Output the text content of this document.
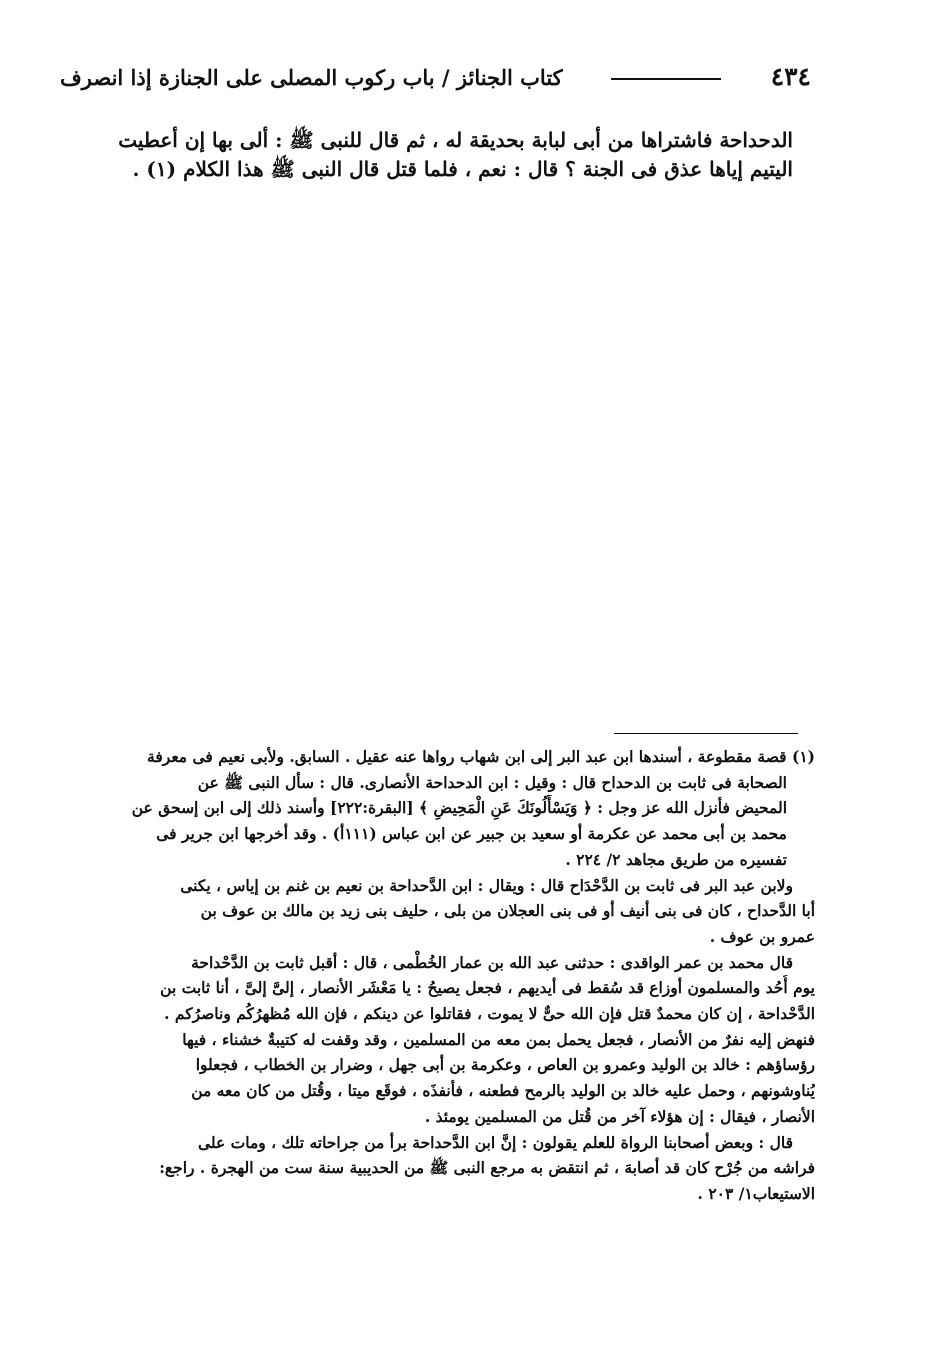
٤٣٤
كتاب الجنائز / باب ركوب المصلى على الجنازة إذا انصرف

الدحداحة فاشتراها من أبى لبابة بحديقة له ، ثم قال للنبى ﷺ : ألى بها إن أعطيت
اليتيم إياها عذق فى الجنة ؟ قال : نعم ، فلما قتل قال النبى ﷺ هذا الكلام (١) .

(١) قصة مقطوعة ، أسندها ابن عبد البر إلى ابن شهاب رواها عنه عقيل . السابق. ولأبى نعيم فى معرفة
الصحابة فى ثابت بن الدحداح قال : وقيل : ابن الدحداحة الأنصارى. قال : سأل النبى ﷺ عن
المحيض فأنزل الله عز وجل : ﴿ وَيَسْأَلُونَكَ عَنِ الْمَحِيضِ ﴾ [البقرة:٢٢٢] وأسند ذلك إلى ابن إسحق عن
محمد بن أبى محمد عن عكرمة أو سعيد بن جبير عن ابن عباس (١١١أ) . وقد أخرجها ابن جرير فى
تفسيره من طريق مجاهد ٢/ ٢٢٤ .

ولابن عبد البر فى ثابت بن الدَّحْدَاح قال : ويقال : ابن الدَّحداحة بن نعيم بن غنم بن إياس ، يكنى
أبا الدَّحداح ، كان فى بنى أنيف أو فى بنى العجلان من بلى ، حليف بنى زيد بن مالك بن عوف بن
عمرو بن عوف .

قال محمد بن عمر الواقدى : حدثنى عبد الله بن عمار الخُطْمى ، قال : أقبل ثابت بن الدَّحْداحة
يوم أُحُد والمسلمون أوزاع قد سُقط فى أيديهم ، فجعل يصيحُ : يا مَعْشَر الأنصار ، إلىَّ إلىَّ ، أنا ثابت بن
الدَّحْداحة ، إن كان محمدٌ قتل فإن الله حىٌّ لا يموت ، فقاتلوا عن دينكم ، فإن الله مُظهرُكُم وناصرُكم .
فنهض إليه نفرٌ من الأنصار ، فجعل يحمل بمن معه من المسلمين ، وقد وقفت له كتيبةٌ خشناء ، فيها
رؤساؤهم : خالد بن الوليد وعمرو بن العاص ، وعكرمة بن أبى جهل ، وضرار بن الخطاب ، فجعلوا
يُناوشونهم ، وحمل عليه خالد بن الوليد بالرمح فطعنه ، فأنفذَه ، فوقَع ميتا ، وقُتل من كان معه من
الأنصار ، فيقال : إن هؤلاء آخر من قُتل من المسلمين يومئذ .

قال : وبعض أصحابنا الرواة للعلم يقولون : إنَّ ابن الدَّحداحة برأ من جراحاته تلك ، ومات على
فراشه من جُرْح كان قد أصابهَ ، ثم انتقض به مرجع النبى ﷺ من الحديبية سنة ست من الهجرة . راجع:
الاستيعاب١/ ٢٠٣ .
